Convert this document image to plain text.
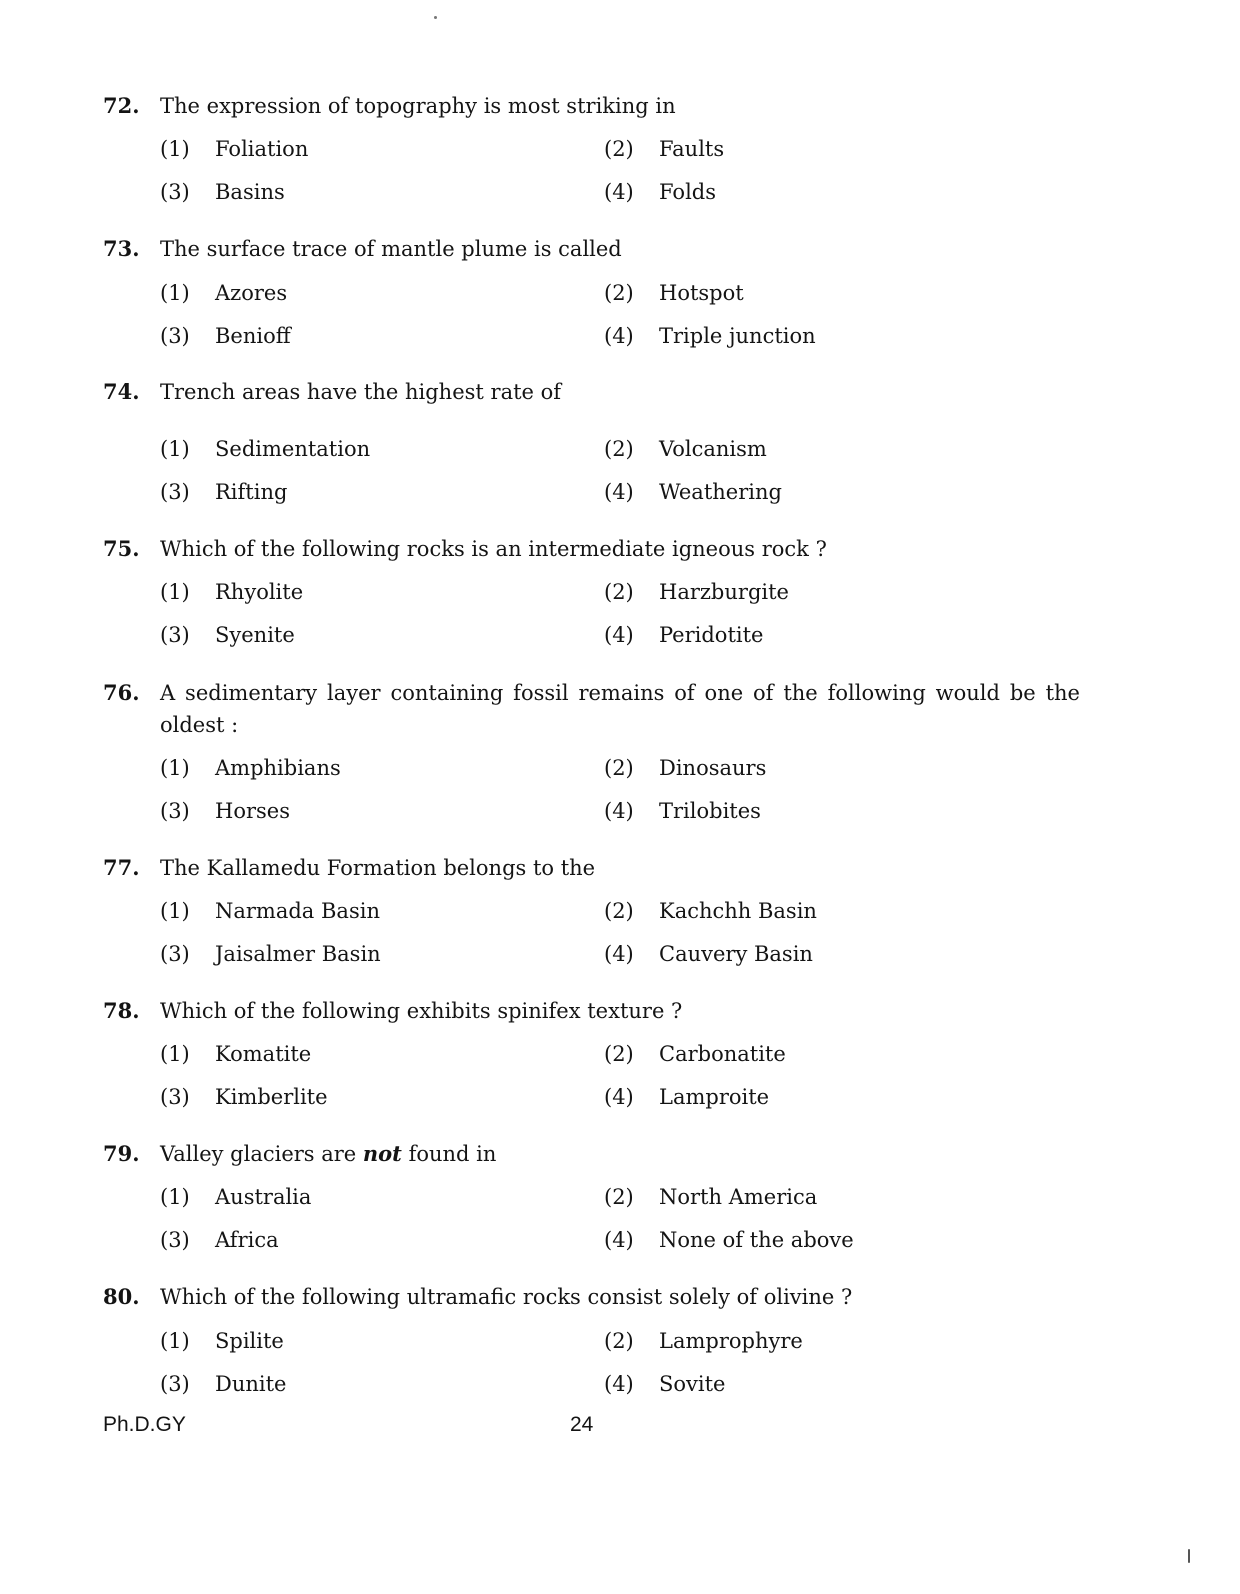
72. The expression of topography is most striking in
(1) Foliation	(2) Faults
(3) Basins	(4) Folds
73. The surface trace of mantle plume is called
(1) Azores	(2) Hotspot
(3) Benioff	(4) Triple junction
74. Trench areas have the highest rate of
(1) Sedimentation	(2) Volcanism
(3) Rifting	(4) Weathering
75. Which of the following rocks is an intermediate igneous rock ?
(1) Rhyolite	(2) Harzburgite
(3) Syenite	(4) Peridotite
76. A sedimentary layer containing fossil remains of one of the following would be the oldest :
(1) Amphibians	(2) Dinosaurs
(3) Horses	(4) Trilobites
77. The Kallamedu Formation belongs to the
(1) Narmada Basin	(2) Kachchh Basin
(3) Jaisalmer Basin	(4) Cauvery Basin
78. Which of the following exhibits spinifex texture ?
(1) Komatite	(2) Carbonatite
(3) Kimberlite	(4) Lamproite
79. Valley glaciers are not found in
(1) Australia	(2) North America
(3) Africa	(4) None of the above
80. Which of the following ultramafic rocks consist solely of olivine ?
(1) Spilite	(2) Lamprophyre
(3) Dunite	(4) Sovite
Ph.D.GY	24
